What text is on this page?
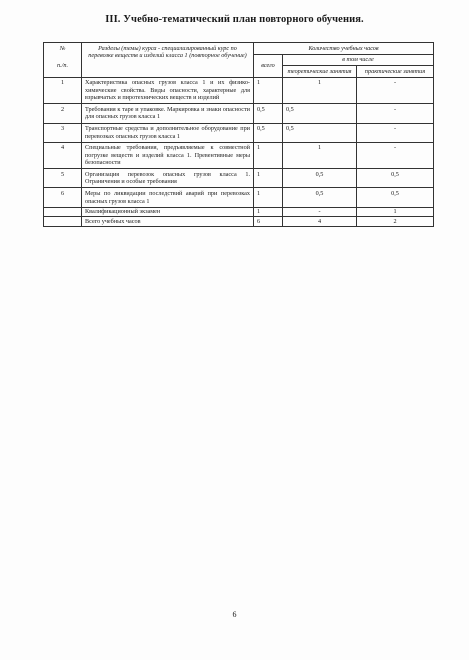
III. Учебно-тематический план повторного обучения.
№
п./п.	Разделы (темы) курса - специализированный курс по перевозке веществ и изделий класса 1 (повторное обучение)	Количество учебных часов		
		всего	в том числе	
			теоретические занятия	практические занятия
1	Характеристика опасных грузов класса 1 и их физико-химические свойства. Виды опасности, характерные для взрывчатых и пиротехнических веществ и изделий	1	1	-
2	Требования к таре и упаковке. Маркировка и знаки опасности для опасных грузов класса 1	0,5	0,5	-
3	Транспортные средства и дополнительное оборудование при перевозках опасных грузов класса 1	0,5	0,5	-
4	Специальные требования, предъявляемые к совместной погрузке веществ и изделий класса 1. Превентивные меры безопасности	1	1	-
5	Организация перевозок опасных грузов класса 1. Ограничения и особые требования	1	0,5	0,5
6	Меры по ликвидации последствий аварий при перевозках опасных грузов класса 1	1	0,5	0,5
	Квалификационный экзамен	1	-	1
	Всего учебных часов	6	4	2
6
